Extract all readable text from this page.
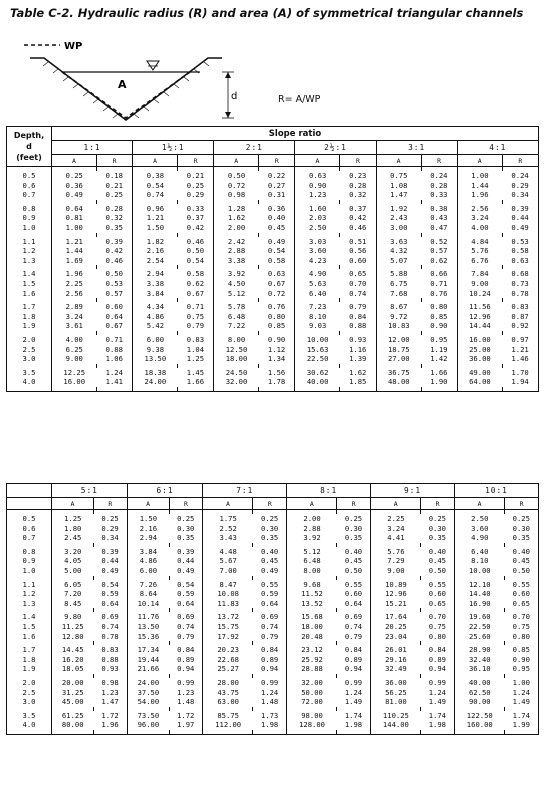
Table C-2. Hydraulic radius (R) and area (A) of symmetrical triangular channels
WP
A
d	R= A/WP
Depth,
d
(feet)	Slope ratio											
	1:1		1½:1		2:1		2½:1		3:1		4:1	
	A	R	A	R	A	R	A	R	A	R	A	R

0.5	0.25	0.18	0.38	0.21	0.50	0.22	0.63	0.23	0.75	0.24	1.00	0.24
0.6	0.36	0.21	0.54	0.25	0.72	0.27	0.90	0.28	1.08	0.28	1.44	0.29
0.7	0.49	0.25	0.74	0.29	0.98	0.31	1.23	0.32	1.47	0.33	1.96	0.34

0.8	0.64	0.28	0.96	0.33	1.28	0.36	1.60	0.37	1.92	0.38	2.56	0.39
0.9	0.81	0.32	1.21	0.37	1.62	0.40	2.03	0.42	2.43	0.43	3.24	0.44
1.0	1.00	0.35	1.50	0.42	2.00	0.45	2.50	0.46	3.00	0.47	4.00	0.49

1.1	1.21	0.39	1.82	0.46	2.42	0.49	3.03	0.51	3.63	0.52	4.84	0.53
1.2	1.44	0.42	2.16	0.50	2.88	0.54	3.60	0.56	4.32	0.57	5.76	0.58
1.3	1.69	0.46	2.54	0.54	3.38	0.58	4.23	0.60	5.07	0.62	6.76	0.63

1.4	1.96	0.50	2.94	0.58	3.92	0.63	4.90	0.65	5.88	0.66	7.84	0.68
1.5	2.25	0.53	3.38	0.62	4.50	0.67	5.63	0.70	6.75	0.71	9.00	0.73
1.6	2.56	0.57	3.84	0.67	5.12	0.72	6.40	0.74	7.68	0.76	10.24	0.78

1.7	2.89	0.60	4.34	0.71	5.78	0.76	7.23	0.79	8.67	0.80	11.56	0.83
1.8	3.24	0.64	4.86	0.75	6.48	0.80	8.10	0.84	9.72	0.85	12.96	0.87
1.9	3.61	0.67	5.42	0.79	7.22	0.85	9.03	0.88	10.83	0.90	14.44	0.92

2.0	4.00	0.71	6.00	0.83	8.00	0.90	10.00	0.93	12.00	0.95	16.00	0.97
2.5	6.25	0.88	9.38	1.04	12.50	1.12	15.63	1.16	18.75	1.19	25.00	1.21
3.0	9.00	1.06	13.50	1.25	18.00	1.34	22.50	1.39	27.00	1.42	36.00	1.46

3.5	12.25	1.24	18.38	1.45	24.50	1.56	30.62	1.62	36.75	1.66	49.00	1.70
4.0	16.00	1.41	24.00	1.66	32.00	1.78	40.00	1.85	48.00	1.90	64.00	1.94

	5:1		6:1		7:1		8:1		9:1		10:1	
	A	R	A	R	A	R	A	R	A	R	A	R

0.5	1.25	0.25	1.50	0.25	1.75	0.25	2.00	0.25	2.25	0.25	2.50	0.25
0.6	1.80	0.29	2.16	0.30	2.52	0.30	2.88	0.30	3.24	0.30	3.60	0.30
0.7	2.45	0.34	2.94	0.35	3.43	0.35	3.92	0.35	4.41	0.35	4.90	0.35

0.8	3.20	0.39	3.84	0.39	4.48	0.40	5.12	0.40	5.76	0.40	6.40	0.40
0.9	4.05	0.44	4.86	0.44	5.67	0.45	6.48	0.45	7.29	0.45	8.10	0.45
1.0	5.00	0.49	6.00	0.49	7.00	0.49	8.00	0.50	9.00	0.50	10.00	0.50

1.1	6.05	0.54	7.26	0.54	8.47	0.55	9.68	0.55	10.89	0.55	12.10	0.55
1.2	7.20	0.59	8.64	0.59	10.08	0.59	11.52	0.60	12.96	0.60	14.40	0.60
1.3	8.45	0.64	10.14	0.64	11.83	0.64	13.52	0.64	15.21	0.65	16.90	0.65

1.4	9.80	0.69	11.76	0.69	13.72	0.69	15.68	0.69	17.64	0.70	19.60	0.70
1.5	11.25	0.74	13.50	0.74	15.75	0.74	18.00	0.74	20.25	0.75	22.50	0.75
1.6	12.80	0.78	15.36	0.79	17.92	0.79	20.48	0.79	23.04	0.80	25.60	0.80

1.7	14.45	0.83	17.34	0.84	20.23	0.84	23.12	0.84	26.01	0.84	28.90	0.85
1.8	16.20	0.88	19.44	0.89	22.68	0.89	25.92	0.89	29.16	0.89	32.40	0.90
1.9	18.05	0.93	21.66	0.94	25.27	0.94	28.88	0.94	32.49	0.94	36.10	0.95

2.0	20.00	0.98	24.00	0.99	28.00	0.99	32.00	0.99	36.00	0.99	40.00	1.00
2.5	31.25	1.23	37.50	1.23	43.75	1.24	50.00	1.24	56.25	1.24	62.50	1.24
3.0	45.00	1.47	54.00	1.48	63.00	1.48	72.00	1.49	81.00	1.49	90.00	1.49

3.5	61.25	1.72	73.50	1.72	85.75	1.73	98.00	1.74	110.25	1.74	122.50	1.74
4.0	80.00	1.96	96.00	1.97	112.00	1.98	128.00	1.98	144.00	1.98	160.00	1.99
